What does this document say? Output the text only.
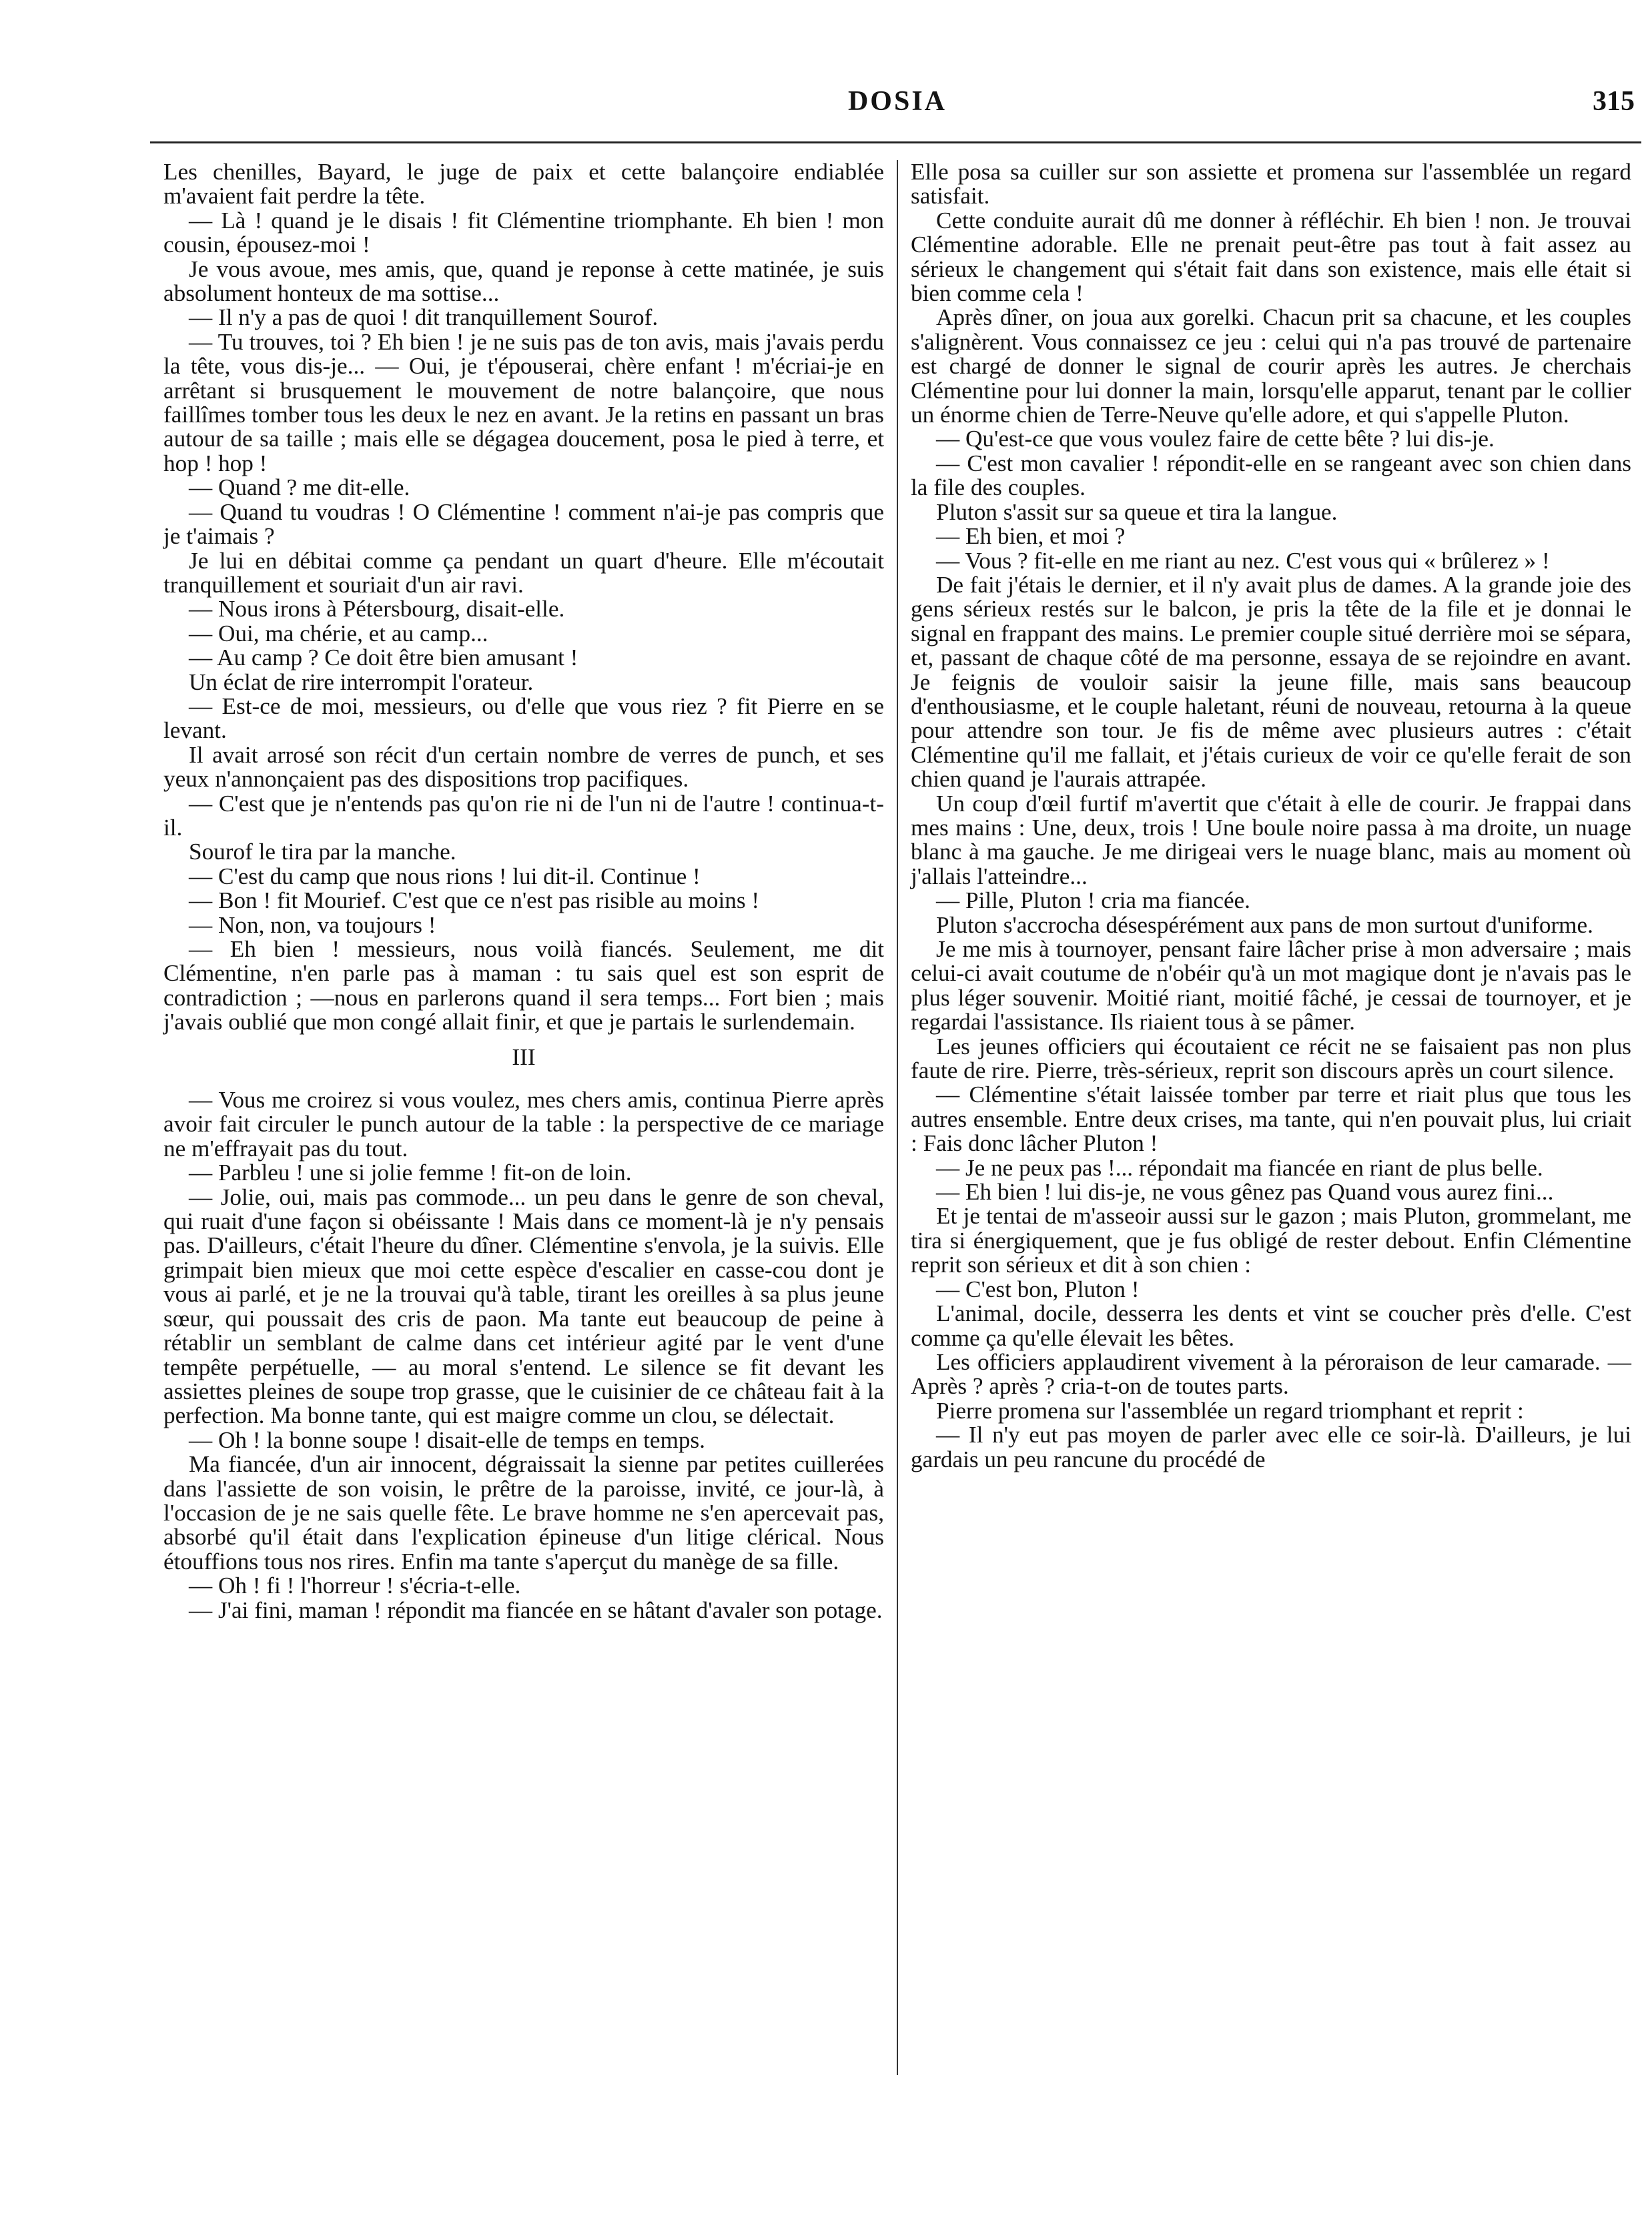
DOSIA	315

Les chenilles, Bayard, le juge de paix et cette balançoire endiablée m'avaient fait perdre la tête.

— Là ! quand je le disais ! fit Clémentine triomphante. Eh bien ! mon cousin, épousez-moi !

Je vous avoue, mes amis, que, quand je reponse à cette matinée, je suis absolument honteux de ma sottise...

— Il n'y a pas de quoi ! dit tranquillement Sourof.

— Tu trouves, toi ? Eh bien ! je ne suis pas de ton avis, mais j'avais perdu la tête, vous dis-je... — Oui, je t'épouserai, chère enfant ! m'écriai-je en arrêtant si brusquement le mouvement de notre balançoire, que nous faillîmes tomber tous les deux le nez en avant. Je la retins en passant un bras autour de sa taille ; mais elle se dégagea doucement, posa le pied à terre, et hop ! hop !

— Quand ? me dit-elle.

— Quand tu voudras ! O Clémentine ! comment n'ai-je pas compris que je t'aimais ?

Je lui en débitai comme ça pendant un quart d'heure. Elle m'écoutait tranquillement et souriait d'un air ravi.

— Nous irons à Pétersbourg, disait-elle.

— Oui, ma chérie, et au camp...

— Au camp ? Ce doit être bien amusant !

Un éclat de rire interrompit l'orateur.

— Est-ce de moi, messieurs, ou d'elle que vous riez ? fit Pierre en se levant.

Il avait arrosé son récit d'un certain nombre de verres de punch, et ses yeux n'annonçaient pas des dispositions trop pacifiques.

— C'est que je n'entends pas qu'on rie ni de l'un ni de l'autre ! continua-t-il.

Sourof le tira par la manche.

— C'est du camp que nous rions ! lui dit-il. Continue !

— Bon ! fit Mourief. C'est que ce n'est pas risible au moins !

— Non, non, va toujours !

— Eh bien ! messieurs, nous voilà fiancés. Seulement, me dit Clémentine, n'en parle pas à maman : tu sais quel est son esprit de contradiction ; —nous en parlerons quand il sera temps... Fort bien ; mais j'avais oublié que mon congé allait finir, et que je partais le surlendemain.

III

— Vous me croirez si vous voulez, mes chers amis, continua Pierre après avoir fait circuler le punch autour de la table : la perspective de ce mariage ne m'effrayait pas du tout.

— Parbleu ! une si jolie femme ! fit-on de loin.

— Jolie, oui, mais pas commode... un peu dans le genre de son cheval, qui ruait d'une façon si obéissante ! Mais dans ce moment-là je n'y pensais pas. D'ailleurs, c'était l'heure du dîner. Clémentine s'envola, je la suivis. Elle grimpait bien mieux que moi cette espèce d'escalier en casse-cou dont je vous ai parlé, et je ne la trouvai qu'à table, tirant les oreilles à sa plus jeune sœur, qui poussait des cris de paon. Ma tante eut beaucoup de peine à rétablir un semblant de calme dans cet intérieur agité par le vent d'une tempête perpétuelle, — au moral s'entend. Le silence se fit devant les assiettes pleines de soupe trop grasse, que le cuisinier de ce château fait à la perfection. Ma bonne tante, qui est maigre comme un clou, se délectait.

— Oh ! la bonne soupe ! disait-elle de temps en temps.

Ma fiancée, d'un air innocent, dégraissait la sienne par petites cuillerées dans l'assiette de son voisin, le prêtre de la paroisse, invité, ce jour-là, à l'occasion de je ne sais quelle fête. Le brave homme ne s'en apercevait pas, absorbé qu'il était dans l'explication épineuse d'un litige clérical. Nous étouffions tous nos rires. Enfin ma tante s'aperçut du manège de sa fille.

— Oh ! fi ! l'horreur ! s'écria-t-elle.

— J'ai fini, maman ! répondit ma fiancée en se hâtant d'avaler son potage.

Elle posa sa cuiller sur son assiette et promena sur l'assemblée un regard satisfait.

Cette conduite aurait dû me donner à réfléchir. Eh bien ! non. Je trouvai Clémentine adorable. Elle ne prenait peut-être pas tout à fait assez au sérieux le changement qui s'était fait dans son existence, mais elle était si bien comme cela !

Après dîner, on joua aux gorelki. Chacun prit sa chacune, et les couples s'alignèrent. Vous connaissez ce jeu : celui qui n'a pas trouvé de partenaire est chargé de donner le signal de courir après les autres. Je cherchais Clémentine pour lui donner la main, lorsqu'elle apparut, tenant par le collier un énorme chien de Terre-Neuve qu'elle adore, et qui s'appelle Pluton.

— Qu'est-ce que vous voulez faire de cette bête ? lui dis-je.

— C'est mon cavalier ! répondit-elle en se rangeant avec son chien dans la file des couples.

Pluton s'assit sur sa queue et tira la langue.

— Eh bien, et moi ?

— Vous ? fit-elle en me riant au nez. C'est vous qui « brûlerez » !

De fait j'étais le dernier, et il n'y avait plus de dames. A la grande joie des gens sérieux restés sur le balcon, je pris la tête de la file et je donnai le signal en frappant des mains. Le premier couple situé derrière moi se sépara, et, passant de chaque côté de ma personne, essaya de se rejoindre en avant. Je feignis de vouloir saisir la jeune fille, mais sans beaucoup d'enthousiasme, et le couple haletant, réuni de nouveau, retourna à la queue pour attendre son tour. Je fis de même avec plusieurs autres : c'était Clémentine qu'il me fallait, et j'étais curieux de voir ce qu'elle ferait de son chien quand je l'aurais attrapée.

Un coup d'œil furtif m'avertit que c'était à elle de courir. Je frappai dans mes mains : Une, deux, trois ! Une boule noire passa à ma droite, un nuage blanc à ma gauche. Je me dirigeai vers le nuage blanc, mais au moment où j'allais l'atteindre...

— Pille, Pluton ! cria ma fiancée.

Pluton s'accrocha désespérément aux pans de mon surtout d'uniforme.

Je me mis à tournoyer, pensant faire lâcher prise à mon adversaire ; mais celui-ci avait coutume de n'obéir qu'à un mot magique dont je n'avais pas le plus léger souvenir. Moitié riant, moitié fâché, je cessai de tournoyer, et je regardai l'assistance. Ils riaient tous à se pâmer.

Les jeunes officiers qui écoutaient ce récit ne se faisaient pas non plus faute de rire. Pierre, très-sérieux, reprit son discours après un court silence.

— Clémentine s'était laissée tomber par terre et riait plus que tous les autres ensemble. Entre deux crises, ma tante, qui n'en pouvait plus, lui criait : Fais donc lâcher Pluton !

— Je ne peux pas !... répondait ma fiancée en riant de plus belle.

— Eh bien ! lui dis-je, ne vous gênez pas Quand vous aurez fini...

Et je tentai de m'asseoir aussi sur le gazon ; mais Pluton, grommelant, me tira si énergiquement, que je fus obligé de rester debout. Enfin Clémentine reprit son sérieux et dit à son chien :

— C'est bon, Pluton !

L'animal, docile, desserra les dents et vint se coucher près d'elle. C'est comme ça qu'elle élevait les bêtes.

Les officiers applaudirent vivement à la péroraison de leur camarade. — Après ? après ? cria-t-on de toutes parts.

Pierre promena sur l'assemblée un regard triomphant et reprit :

— Il n'y eut pas moyen de parler avec elle ce soir-là. D'ailleurs, je lui gardais un peu rancune du procédé de
